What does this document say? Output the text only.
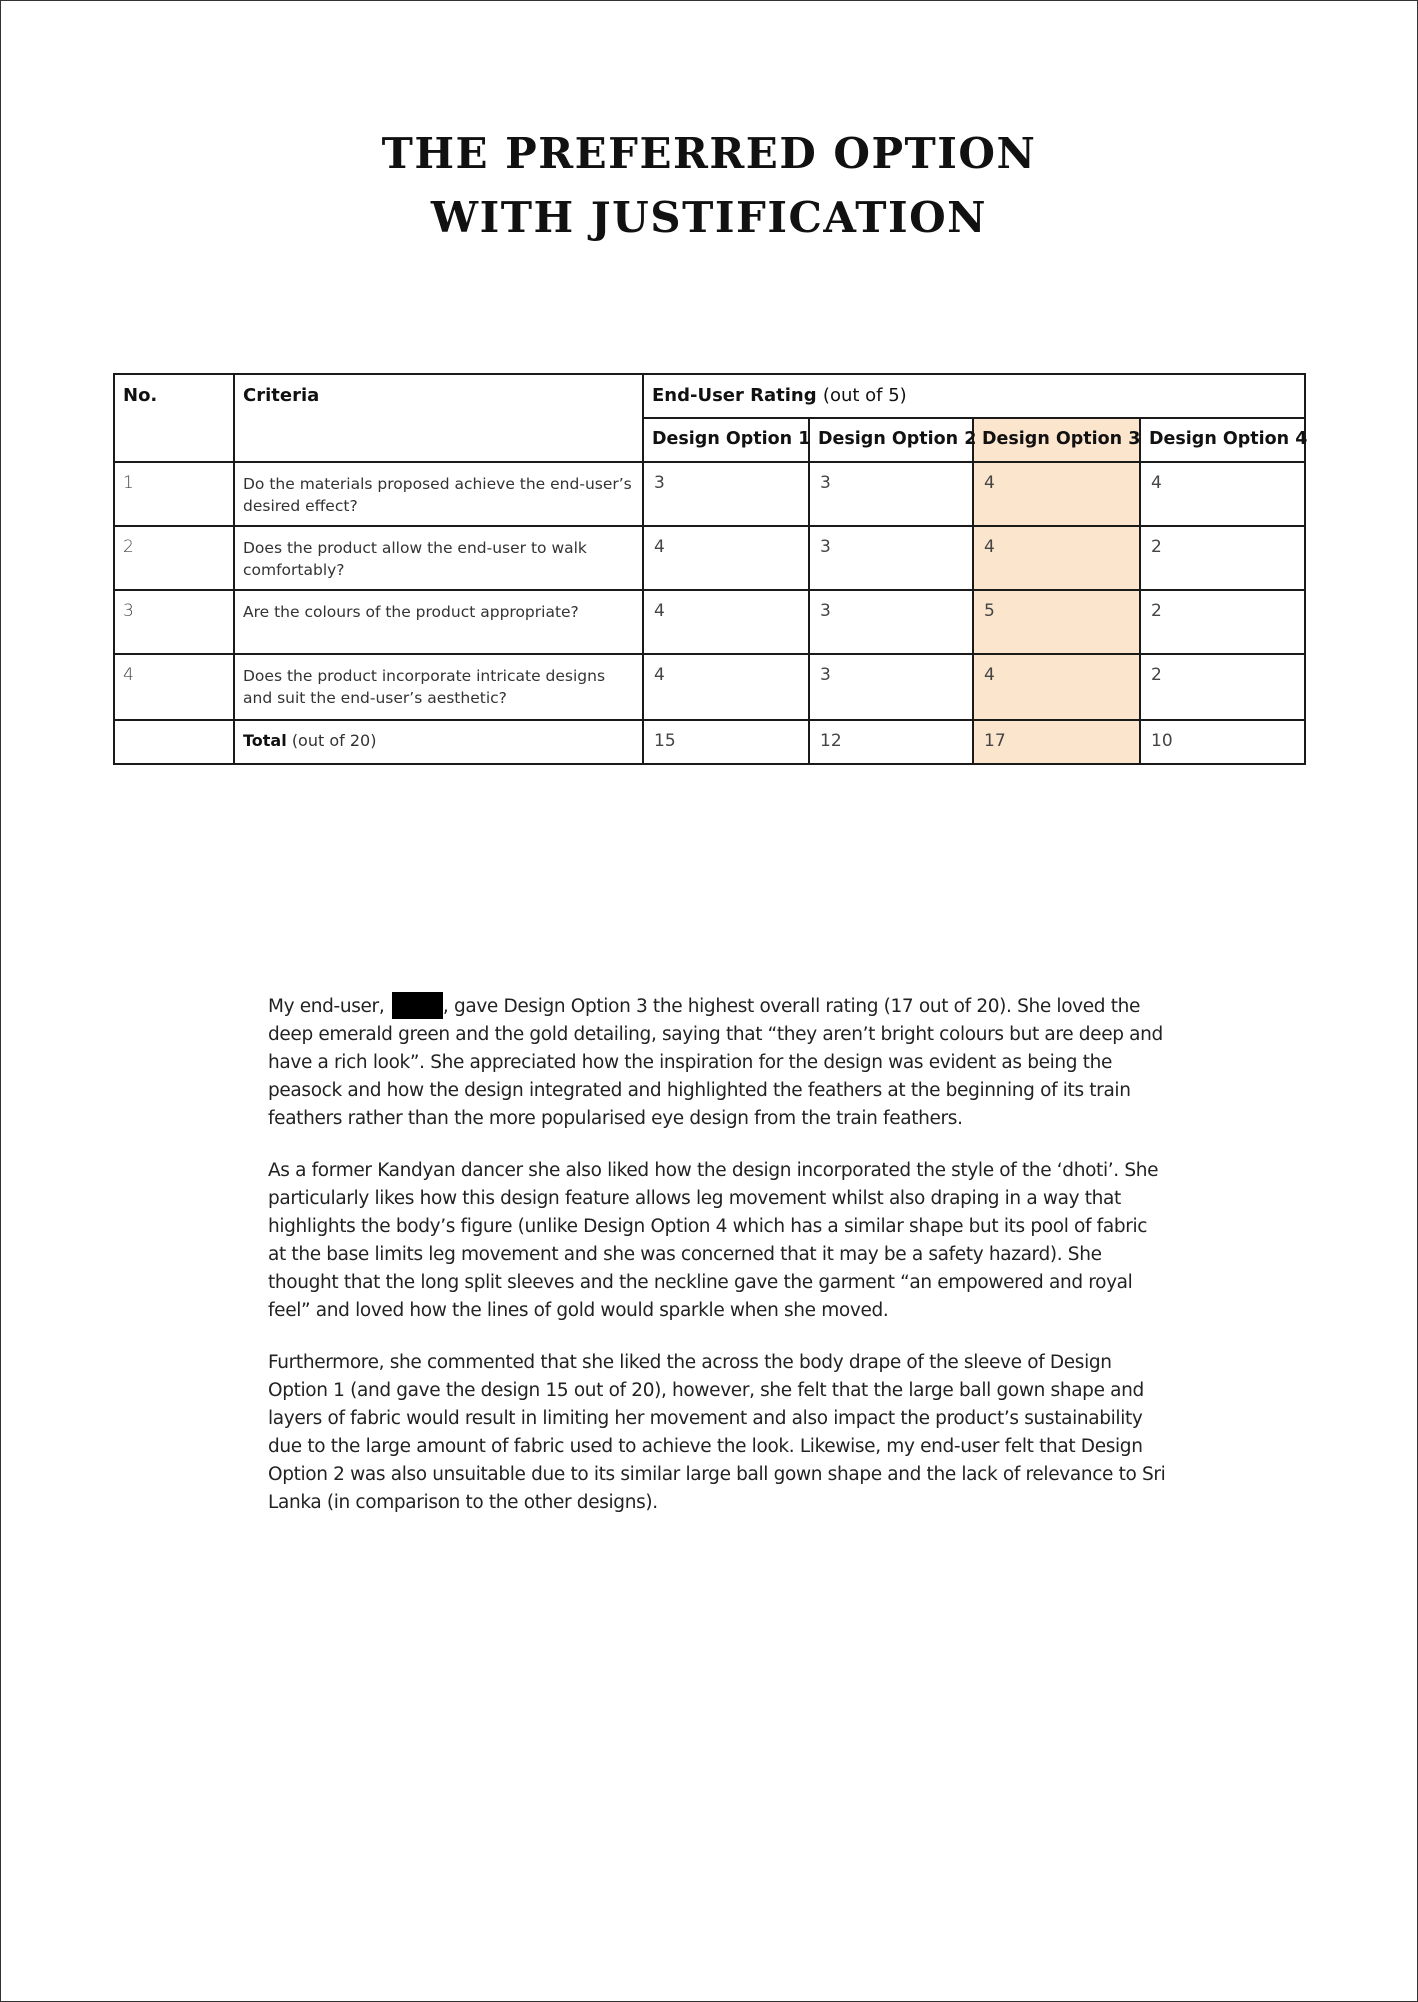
THE PREFERRED OPTION
WITH JUSTIFICATION
No.	Criteria	End-User Rating (out of 5)			
		Design Option 1	Design Option 2	Design Option 3	Design Option 4
1	Do the materials proposed achieve the end-user’s desired effect?	3	3	4	4
2	Does the product allow the end-user to walk comfortably?	4	3	4	2
3	Are the colours of the product appropriate?	4	3	5	2
4	Does the product incorporate intricate designs and suit the end-user’s aesthetic?	4	3	4	2
	Total (out of 20)	15	12	17	10

My end-user,	, gave Design Option 3 the highest overall rating (17 out of 20). She loved the deep emerald green and the gold detailing, saying that “they aren’t bright colours but are deep and have a rich look”. She appreciated how the inspiration for the design was evident as being the peasock and how the design integrated and highlighted the feathers at the beginning of its train feathers rather than the more popularised eye design from the train feathers.

As a former Kandyan dancer she also liked how the design incorporated the style of the ‘dhoti’. She particularly likes how this design feature allows leg movement whilst also draping in a way that highlights the body’s figure (unlike Design Option 4 which has a similar shape but its pool of fabric at the base limits leg movement and she was concerned that it may be a safety hazard). She thought that the long split sleeves and the neckline gave the garment “an empowered and royal feel” and loved how the lines of gold would sparkle when she moved.

Furthermore, she commented that she liked the across the body drape of the sleeve of Design Option 1 (and gave the design 15 out of 20), however, she felt that the large ball gown shape and layers of fabric would result in limiting her movement and also impact the product’s sustainability due to the large amount of fabric used to achieve the look. Likewise, my end-user felt that Design Option 2 was also unsuitable due to its similar large ball gown shape and the lack of relevance to Sri Lanka (in comparison to the other designs).
